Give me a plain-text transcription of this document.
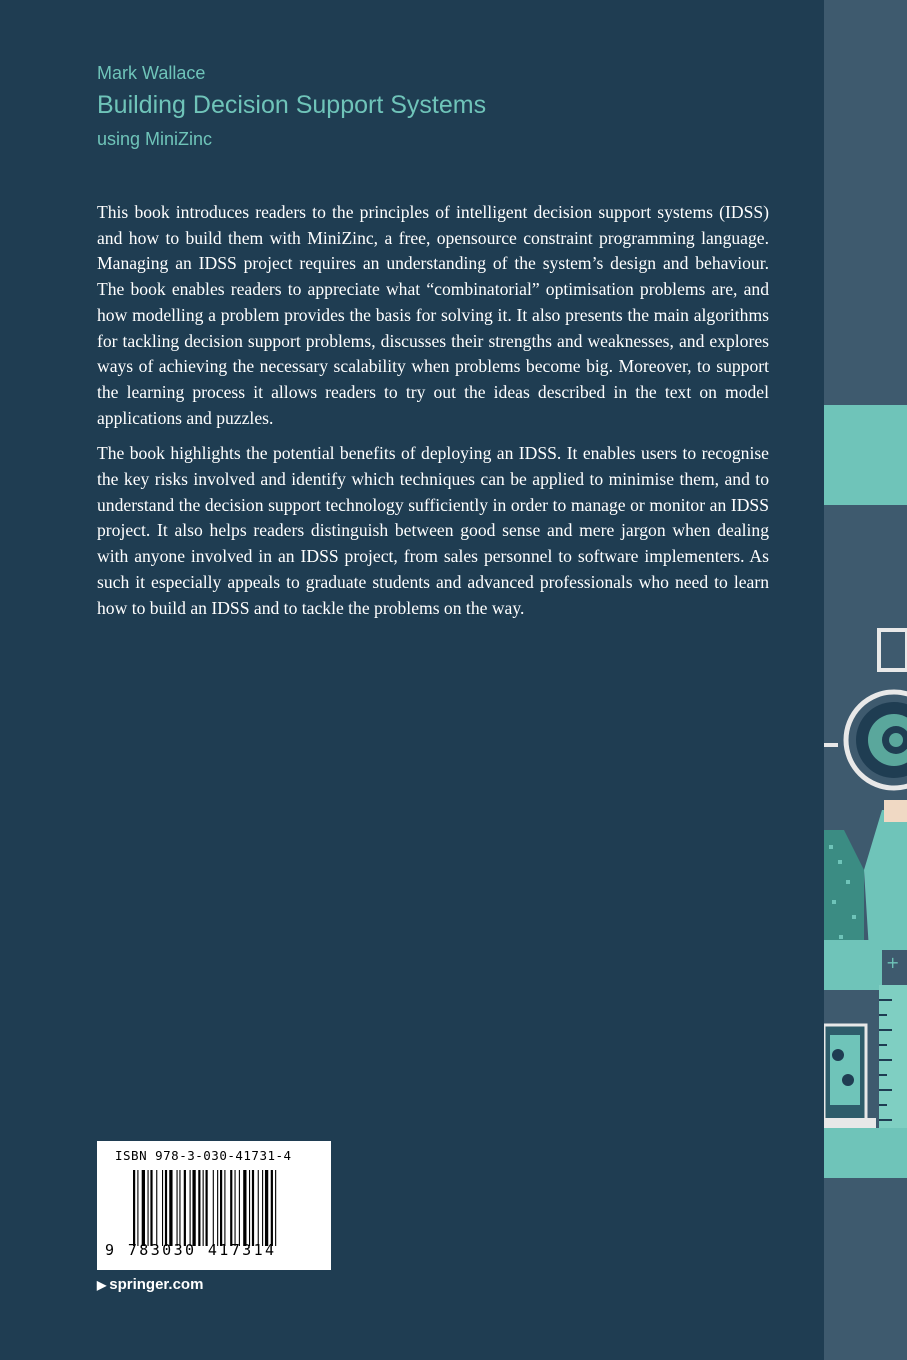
Mark Wallace
Building Decision Support Systems
using MiniZinc

This book introduces readers to the principles of intelligent decision support systems (IDSS) and how to build them with MiniZinc, a free, opensource constraint programming language. Managing an IDSS project requires an understanding of the system’s design and behaviour. The book enables readers to appreciate what “combinatorial” optimisation problems are, and how modelling a problem provides the basis for solving it. It also presents the main algorithms for tackling decision support problems, discusses their strengths and weaknesses, and explores ways of achieving the necessary scalability when problems become big. Moreover, to support the learning process it allows readers to try out the ideas described in the text on model applications and puzzles.

The book highlights the potential benefits of deploying an IDSS. It enables users to recognise the key risks involved and identify which techniques can be applied to minimise them, and to understand the decision support technology sufficiently in order to manage or monitor an IDSS project. It also helps readers distinguish between good sense and mere jargon when dealing with anyone involved in an IDSS project, from sales personnel to software implementers. As such it especially appeals to graduate students and advanced professionals who need to learn how to build an IDSS and to tackle the problems on the way.

ISBN 978-3-030-41731-4
9 783030 417314
▶ springer.com
+
